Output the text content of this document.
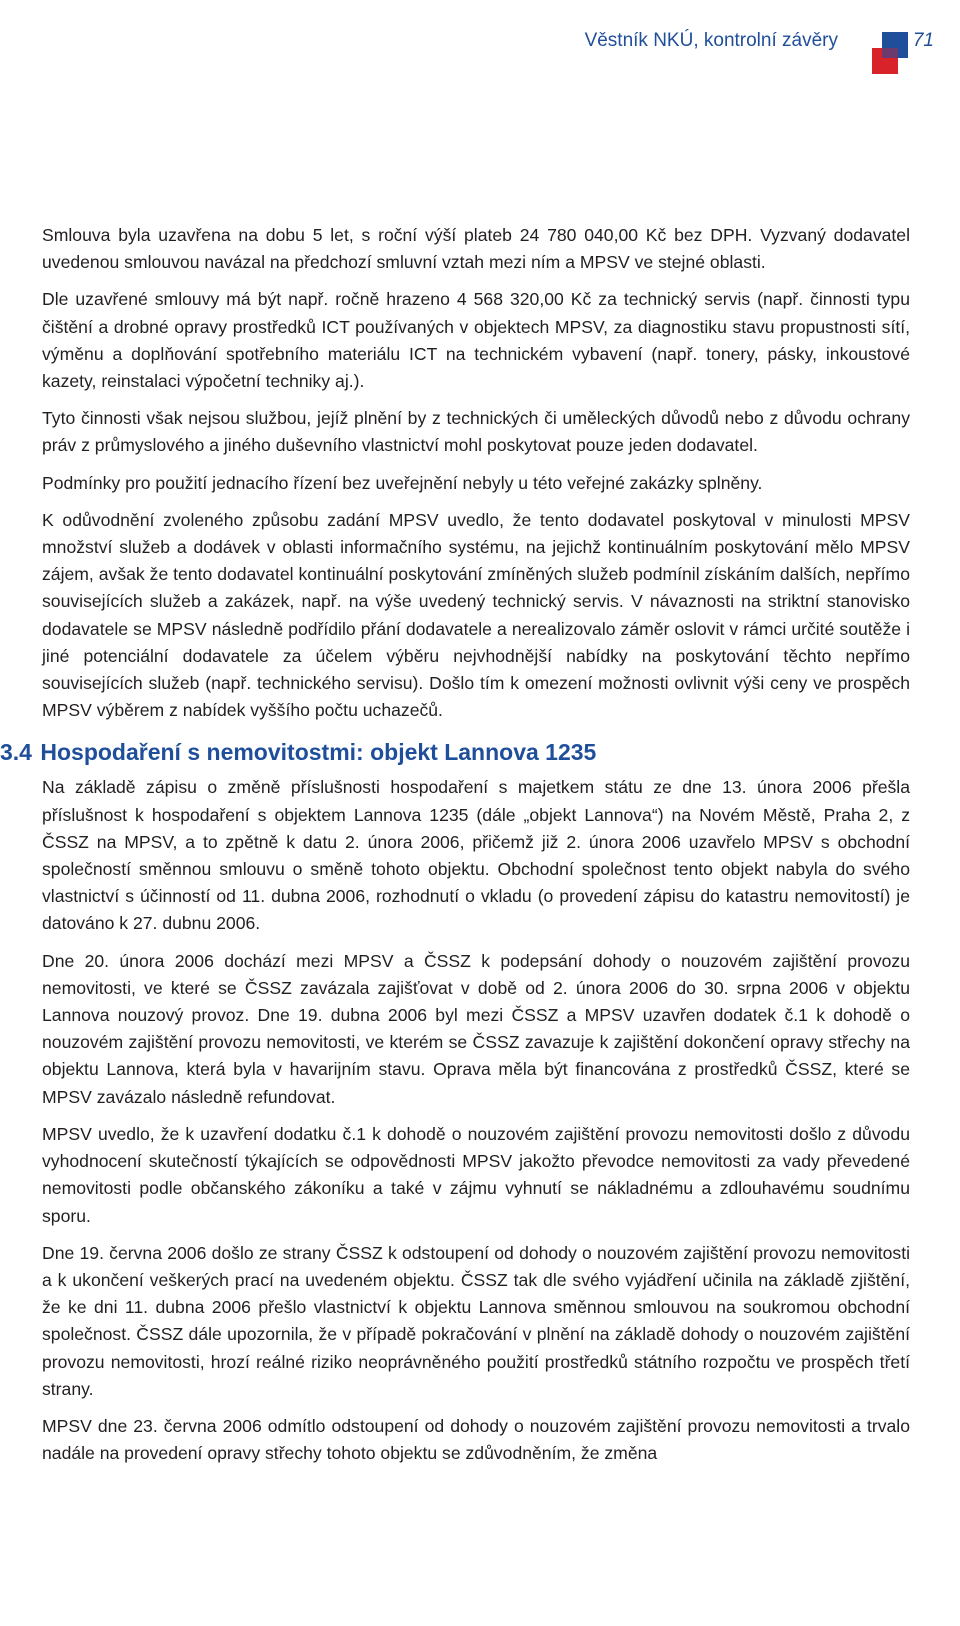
Věstník NKÚ, kontrolní závěry	71

Smlouva byla uzavřena na dobu 5 let, s roční výší plateb 24 780 040,00 Kč bez DPH. Vyzvaný dodavatel uvedenou smlouvou navázal na předchozí smluvní vztah mezi ním a MPSV ve stejné oblasti.

Dle uzavřené smlouvy má být např. ročně hrazeno 4 568 320,00 Kč za technický servis (např. činnosti typu čištění a drobné opravy prostředků ICT používaných v objektech MPSV, za diagnostiku stavu propustnosti sítí, výměnu a doplňování spotřebního materiálu ICT na technickém vybavení (např. tonery, pásky, inkoustové kazety, reinstalaci výpočetní techniky aj.).

Tyto činnosti však nejsou službou, jejíž plnění by z technických či uměleckých důvodů nebo z důvodu ochrany práv z průmyslového a jiného duševního vlastnictví mohl poskytovat pouze jeden dodavatel.

Podmínky pro použití jednacího řízení bez uveřejnění nebyly u této veřejné zakázky splněny.

K odůvodnění zvoleného způsobu zadání MPSV uvedlo, že tento dodavatel poskytoval v minulosti MPSV množství služeb a dodávek v oblasti informačního systému, na jejichž kontinuálním poskytování mělo MPSV zájem, avšak že tento dodavatel kontinuální poskytování zmíněných služeb podmínil získáním dalších, nepřímo souvisejících služeb a zakázek, např. na výše uvedený technický servis. V návaznosti na striktní stanovisko dodavatele se MPSV následně podřídilo přání dodavatele a nerealizovalo záměr oslovit v rámci určité soutěže i jiné potenciální dodavatele za účelem výběru nejvhodnější nabídky na poskytování těchto nepřímo souvisejících služeb (např. technického servisu). Došlo tím k omezení možnosti ovlivnit výši ceny ve prospěch MPSV výběrem z nabídek vyššího počtu uchazečů.

3.4 Hospodaření s nemovitostmi: objekt Lannova 1235

Na základě zápisu o změně příslušnosti hospodaření s majetkem státu ze dne 13. února 2006 přešla příslušnost k hospodaření s objektem Lannova 1235 (dále „objekt Lannova“) na Novém Městě, Praha 2, z ČSSZ na MPSV, a to zpětně k datu 2. února 2006, přičemž již 2. února 2006 uzavřelo MPSV s obchodní společností směnnou smlouvu o směně tohoto objektu. Obchodní společnost tento objekt nabyla do svého vlastnictví s účinností od 11. dubna 2006, rozhodnutí o vkladu (o provedení zápisu do katastru nemovitostí) je datováno k 27. dubnu 2006.

Dne 20. února 2006 dochází mezi MPSV a ČSSZ k podepsání dohody o nouzovém zajištění provozu nemovitosti, ve které se ČSSZ zavázala zajišťovat v době od 2. února 2006 do 30. srpna 2006 v objektu Lannova nouzový provoz. Dne 19. dubna 2006 byl mezi ČSSZ a MPSV uzavřen dodatek č.1 k dohodě o nouzovém zajištění provozu nemovitosti, ve kterém se ČSSZ zavazuje k zajištění dokončení opravy střechy na objektu Lannova, která byla v havarijním stavu. Oprava měla být financována z prostředků ČSSZ, které se MPSV zavázalo následně refundovat.

MPSV uvedlo, že k uzavření dodatku č.1 k dohodě o nouzovém zajištění provozu nemovitosti došlo z důvodu vyhodnocení skutečností týkajících se odpovědnosti MPSV jakožto převodce nemovitosti za vady převedené nemovitosti podle občanského zákoníku a také v zájmu vyhnutí se nákladnému a zdlouhavému soudnímu sporu.

Dne 19. června 2006 došlo ze strany ČSSZ k odstoupení od dohody o nouzovém zajištění provozu nemovitosti a k ukončení veškerých prací na uvedeném objektu. ČSSZ tak dle svého vyjádření učinila na základě zjištění, že ke dni 11. dubna 2006 přešlo vlastnictví k objektu Lannova směnnou smlouvou na soukromou obchodní společnost. ČSSZ dále upozornila, že v případě pokračování v plnění na základě dohody o nouzovém zajištění provozu nemovitosti, hrozí reálné riziko neoprávněného použití prostředků státního rozpočtu ve prospěch třetí strany.

MPSV dne 23. června 2006 odmítlo odstoupení od dohody o nouzovém zajištění provozu nemovitosti a trvalo nadále na provedení opravy střechy tohoto objektu se zdůvodněním, že změna
